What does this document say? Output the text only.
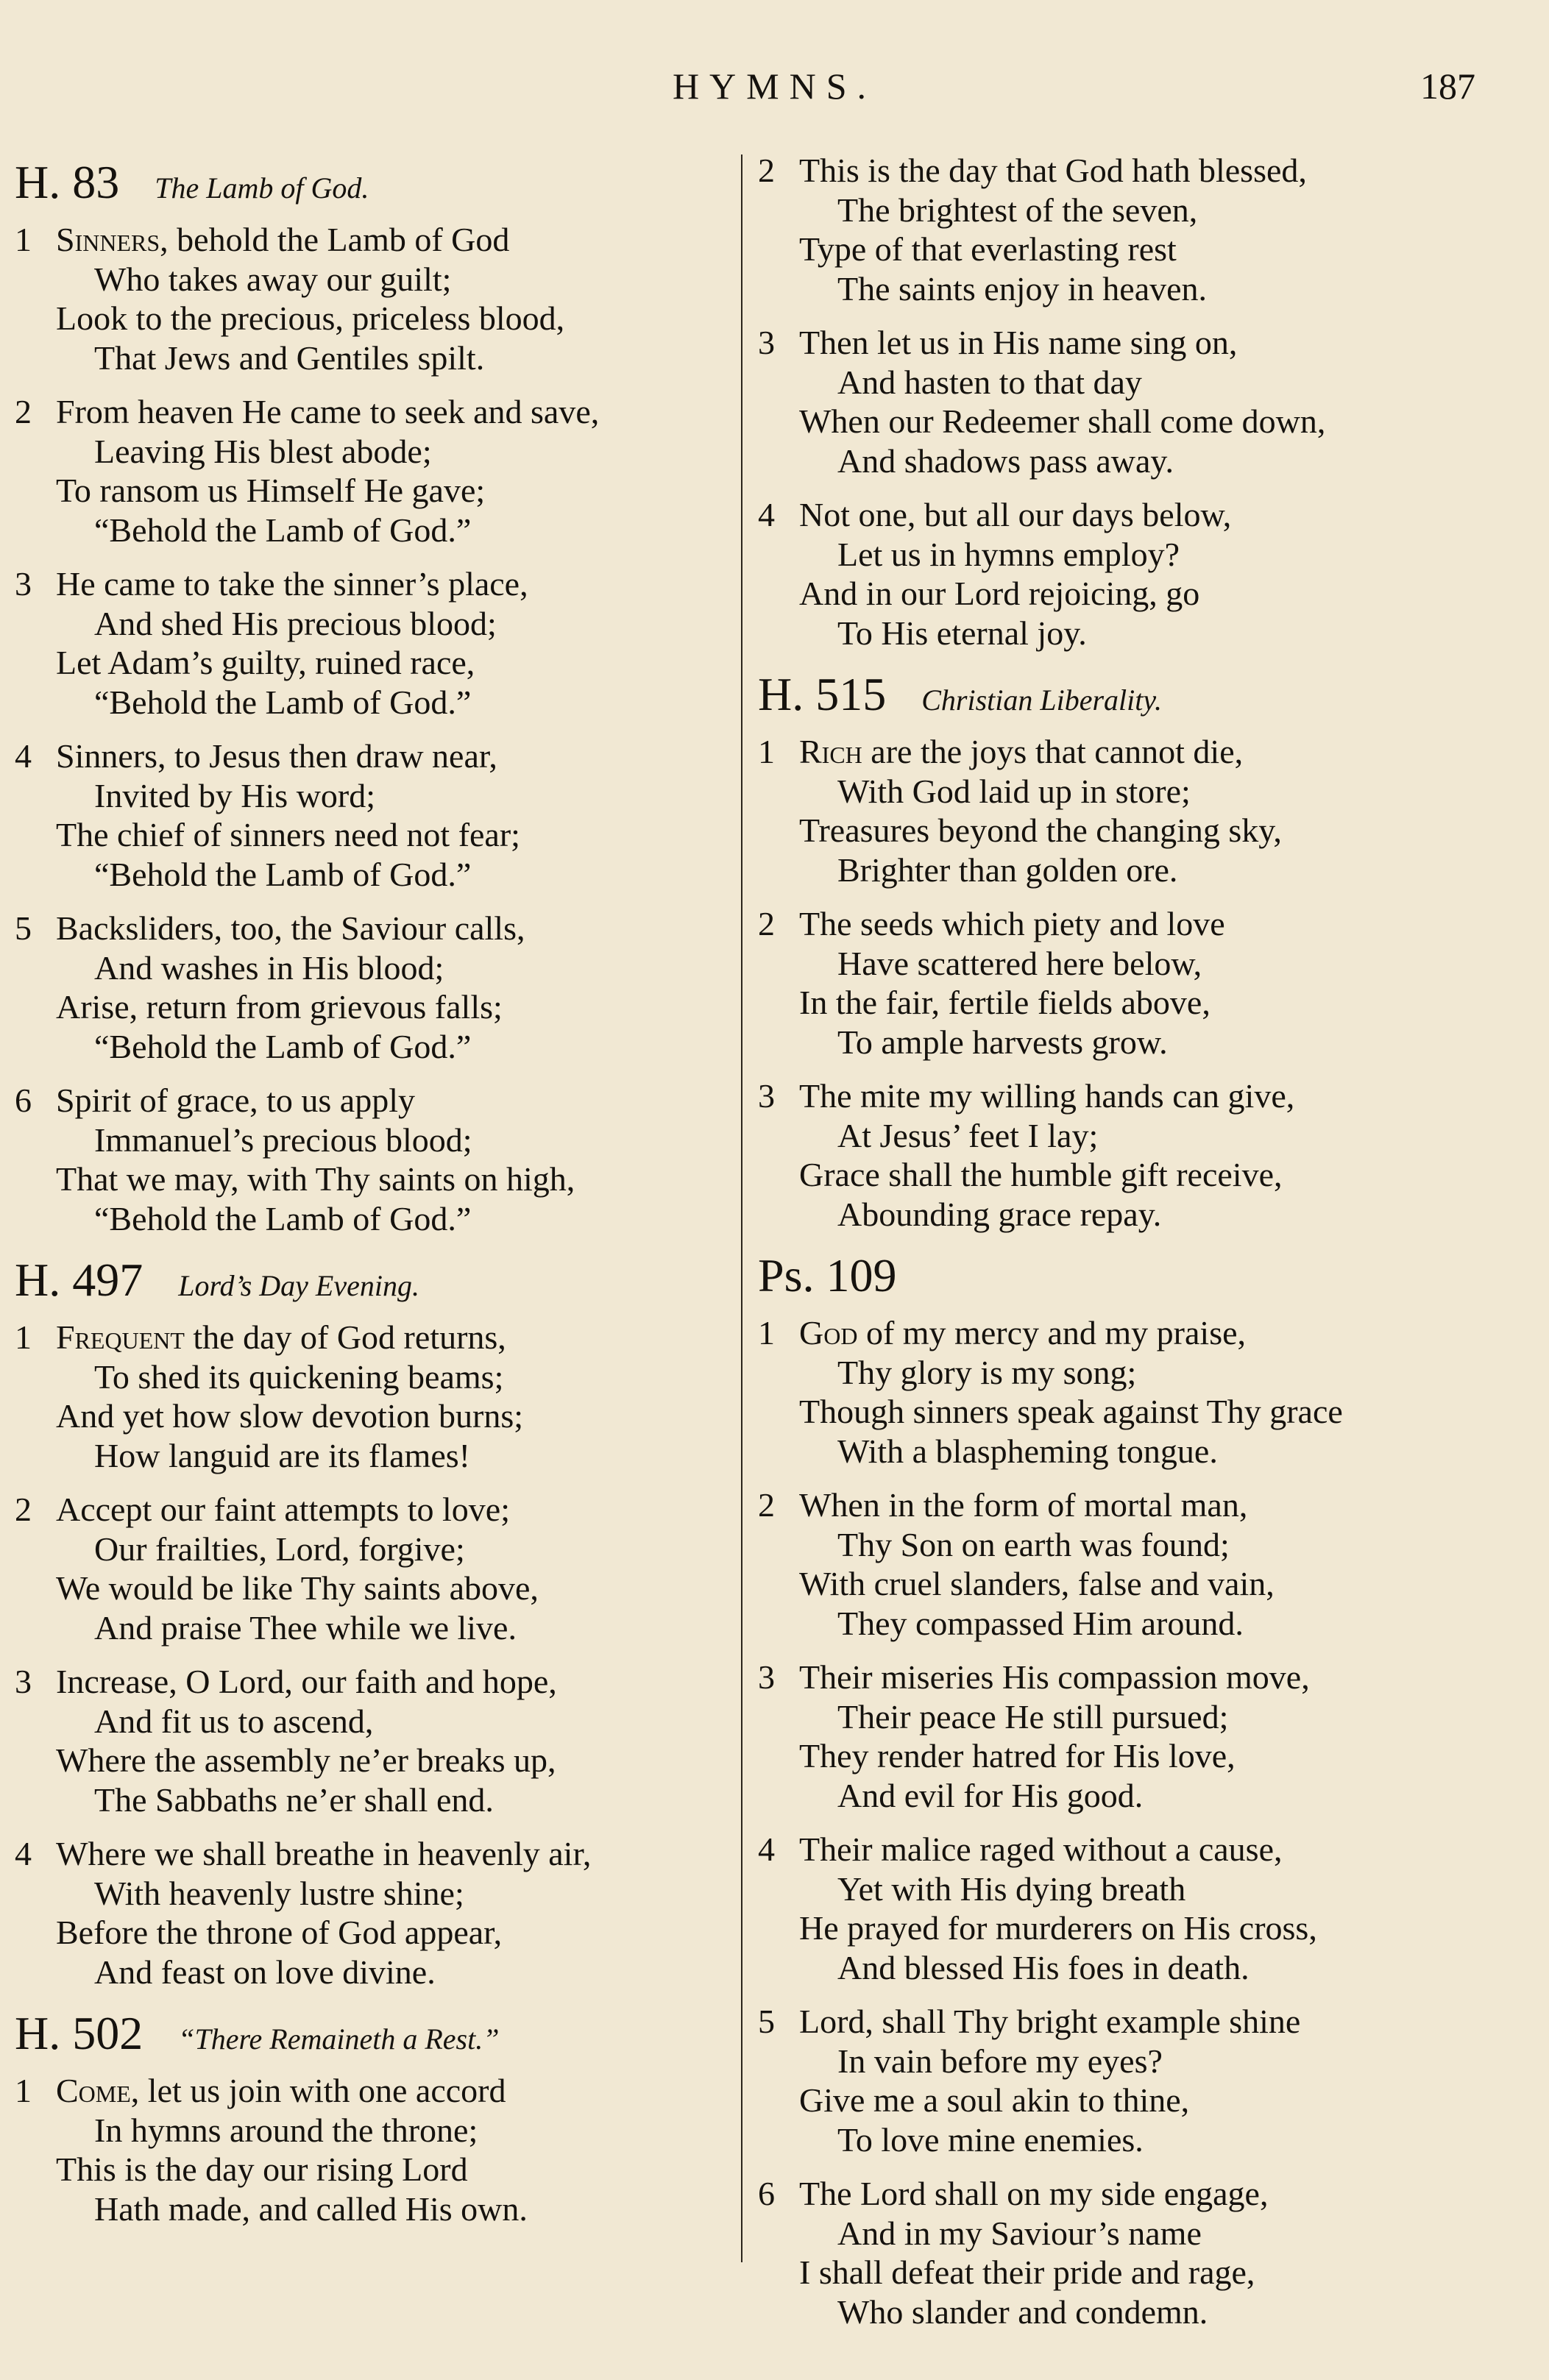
HYMNS.	187
H. 83 The Lamb of God.
1 Sinners, behold the Lamb of God
Who takes away our guilt;
Look to the precious, priceless blood,
That Jews and Gentiles spilt.
2 From heaven He came to seek and save,
Leaving His blest abode;
To ransom us Himself He gave;
“Behold the Lamb of God.”
3 He came to take the sinner’s place,
And shed His precious blood;
Let Adam’s guilty, ruined race,
“Behold the Lamb of God.”
4 Sinners, to Jesus then draw near,
Invited by His word;
The chief of sinners need not fear;
“Behold the Lamb of God.”
5 Backsliders, too, the Saviour calls,
And washes in His blood;
Arise, return from grievous falls;
“Behold the Lamb of God.”
6 Spirit of grace, to us apply
Immanuel’s precious blood;
That we may, with Thy saints on high,
“Behold the Lamb of God.”
H. 497 Lord’s Day Evening.
1 Frequent the day of God returns,
To shed its quickening beams;
And yet how slow devotion burns;
How languid are its flames!
2 Accept our faint attempts to love;
Our frailties, Lord, forgive;
We would be like Thy saints above,
And praise Thee while we live.
3 Increase, O Lord, our faith and hope,
And fit us to ascend,
Where the assembly ne’er breaks up,
The Sabbaths ne’er shall end.
4 Where we shall breathe in heavenly air,
With heavenly lustre shine;
Before the throne of God appear,
And feast on love divine.
H. 502 “There Remaineth a Rest.”
1 Come, let us join with one accord
In hymns around the throne;
This is the day our rising Lord
Hath made, and called His own.
2 This is the day that God hath blessed,
The brightest of the seven,
Type of that everlasting rest
The saints enjoy in heaven.
3 Then let us in His name sing on,
And hasten to that day
When our Redeemer shall come down,
And shadows pass away.
4 Not one, but all our days below,
Let us in hymns employ?
And in our Lord rejoicing, go
To His eternal joy.
H. 515 Christian Liberality.
1 Rich are the joys that cannot die,
With God laid up in store;
Treasures beyond the changing sky,
Brighter than golden ore.
2 The seeds which piety and love
Have scattered here below,
In the fair, fertile fields above,
To ample harvests grow.
3 The mite my willing hands can give,
At Jesus’ feet I lay;
Grace shall the humble gift receive,
Abounding grace repay.
Ps. 109
1 God of my mercy and my praise,
Thy glory is my song;
Though sinners speak against Thy grace
With a blaspheming tongue.
2 When in the form of mortal man,
Thy Son on earth was found;
With cruel slanders, false and vain,
They compassed Him around.
3 Their miseries His compassion move,
Their peace He still pursued;
They render hatred for His love,
And evil for His good.
4 Their malice raged without a cause,
Yet with His dying breath
He prayed for murderers on His cross,
And blessed His foes in death.
5 Lord, shall Thy bright example shine
In vain before my eyes?
Give me a soul akin to thine,
To love mine enemies.
6 The Lord shall on my side engage,
And in my Saviour’s name
I shall defeat their pride and rage,
Who slander and condemn.
